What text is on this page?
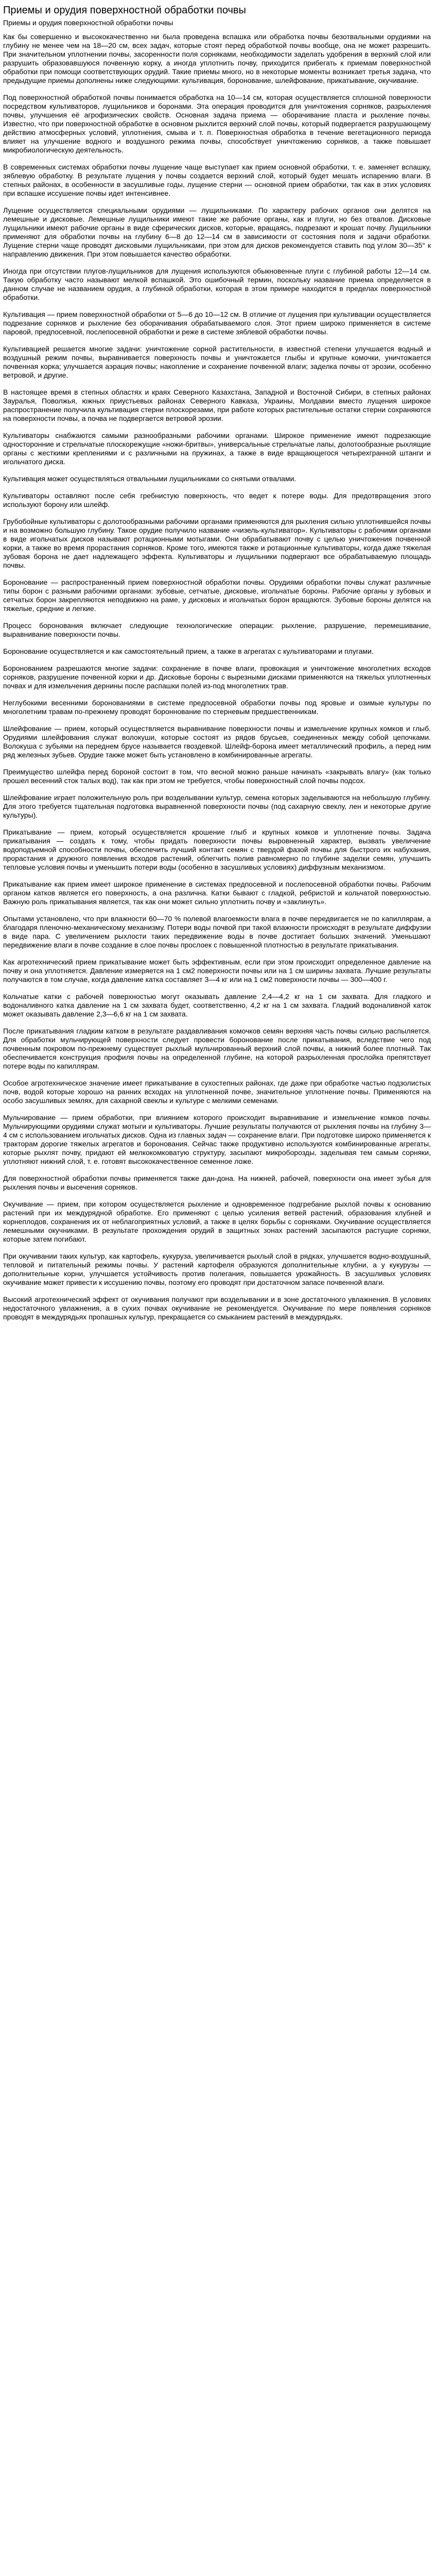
Приемы и орудия поверхностной обработки почвы
Приемы и орудия поверхностной обработки почвы

Как бы совершенно и высококачественно ни была проведена вспашка или обработка почвы безотвальными орудиями на глубину не менее чем на 18—20 см, всех задач, которые стоят перед обработкой почвы вообще, она не может разрешить. При значительном уплотнении почвы, засоренности поля сорняками, необходимости заделать удобрения в верхний слой или разрушить образовавшуюся почвенную корку, а иногда уплотнить почву, приходится прибегать к приемам поверхностной обработки при помощи соответствующих орудий. Такие приемы много, но в некоторые моменты возникает третья задача, что предыдущие приемы дополнены ниже следующими: культивация, боронование, шлейфование, прикатывание, окучивание.

Под поверхностной обработкой почвы понимается обработка на 10—14 см, которая осуществляется сплошной поверхности посредством культиваторов, лущильников и боронами. Эта операция проводится для уничтожения сорняков, разрыхления почвы, улучшения её агрофизических свойств. Основная задача приема — оборачивание пласта и рыхление почвы. Известно, что при поверхностной обработке в основном рыхлится верхний слой почвы, который подвергается разрушающему действию атмосферных условий, уплотнения, смыва и т. п. Поверхностная обработка в течение вегетационного периода влияет на улучшение водного и воздушного режима почвы, способствует уничтожению сорняков, а также повышает микробиологическую деятельность.

В современных системах обработки почвы лущение чаще выступает как прием основной обработки, т. е. заменяет вспашку, зяблевую обработку. В результате лущения у почвы создается верхний слой, который будет мешать испарению влаги. В степных районах, в особенности в засушливые годы, лущение стерни — основной прием обработки, так как в этих условиях при вспашке иссушение почвы идет интенсивнее.

Лущение осуществляется специальными орудиями — лущильниками. По характеру рабочих органов они делятся на лемешные и дисковые. Лемешные лущильники имеют такие же рабочие органы, как и плуги, но без отвалов. Дисковые лущильники имеют рабочие органы в виде сферических дисков, которые, вращаясь, подрезают и крошат почву. Лущильники применяют для обработки почвы на глубину 6—8 до 12—14 см в зависимости от состояния поля и задачи обработки. Лущение стерни чаще проводят дисковыми лущильниками, при этом для дисков рекомендуется ставить под углом 30—35° к направлению движения. При этом повышается качество обработки.

Иногда при отсутствии плугов-лущильников для лущения используются обыкновенные плуги с глубиной работы 12—14 см. Такую обработку часто называют мелкой вспашкой. Это ошибочный термин, поскольку название приема определяется в данном случае не названием орудия, а глубиной обработки, которая в этом примере находится в пределах поверхностной обработки.

Культивация — прием поверхностной обработки от 5—6 до 10—12 см. В отличие от лущения при культивации осуществляется подрезание сорняков и рыхление без оборачивания обрабатываемого слоя. Этот прием широко применяется в системе паровой, предпосевной, послепосевной обработки и реже в системе зяблевой обработки почвы.

Культивацией решается многие задачи: уничтожение сорной растительности, в известной степени улучшается водный и воздушный режим почвы, выравнивается поверхность почвы и уничтожается глыбы и крупные комочки, уничтожается почвенная корка; улучшается аэрация почвы; накопление и сохранение почвенной влаги; заделка почвы от эрозии, особенно ветровой, и другие.

В настоящее время в степных областях и краях Северного Казахстана, Западной и Восточной Сибири, в степных районах Зауралья, Поволжья, южных приустьевых районах Северного Кавказа, Украины, Молдавии вместо лущения широкое распространение получила культивация стерни плоскорезами, при работе которых растительные остатки стерни сохраняются на поверхности почвы, а почва не подвергается ветровой эрозии.

Культиваторы снабжаются самыми разнообразными рабочими органами. Широкое применение имеют подрезающие односторонние и стрельчатые плоскорежущие «ножи-бритвы», универсальные стрельчатые лапы, долотообразные рыхлящие органы с жесткими креплениями и с различными на пружинах, а также в виде вращающегося четырехгранной штанги и игольчатого диска.

Культивация может осуществляться отвальными лущильниками со снятыми отвалами.

Культиваторы оставляют после себя гребнистую поверхность, что ведет к потере воды. Для предотвращения этого используют борону или шлейф.

Грубобойные культиваторы с долотообразными рабочими органами применяются для рыхления сильно уплотнившейся почвы и на возможно большую глубину. Такое орудие получило название «чизель-культиватор». Культиваторы с рабочими органами в виде игольчатых дисков называют ротационными мотыгами. Они обрабатывают почву с целью уничтожения почвенной корки, а также во время прорастания сорняков. Кроме того, имеются также и ротационные культиваторы, когда даже тяжелая зубовая борона не дает надлежащего эффекта. Культиваторы и лущильники подвергают все обрабатываемую площадь почвы.

Боронование — распространенный прием поверхностной обработки почвы. Орудиями обработки почвы служат различные типы борон с разными рабочими органами: зубовые, сетчатые, дисковые, игольчатые бороны. Рабочие органы у зубовых и сетчатых борон закрепляются неподвижно на раме, у дисковых и игольчатых борон вращаются. Зубовые бороны делятся на тяжелые, средние и легкие.

Процесс боронования включает следующие технологические операции: рыхление, разрушение, перемешивание, выравнивание поверхности почвы.

Боронование осуществляется и как самостоятельный прием, а также в агрегатах с культиваторами и плугами.

Боронованием разрешаются многие задачи: сохранение в почве влаги, провокация и уничтожение многолетних всходов сорняков, разрушение почвенной корки и др. Дисковые бороны с вырезными дисками применяются на тяжелых уплотненных почвах и для измельчения дернины после распашки полей из-под многолетних трав.

Неглубокими весенними боронованиями в системе предпосевной обработки почвы под яровые и озимые культуры по многолетним травам по-прежнему проводят бороннование по стерневым предшественникам.

Шлейфование — прием, который осуществляется выравнивание поверхности почвы и измельчение крупных комков и глыб. Орудиями шлейфования служат волокуши, которые состоят из рядов брусьев, соединенных между собой цепочками. Волокуша с зубьями на переднем брусе называется гвоздевкой. Шлейф-борона имеет металлический профиль, а перед ним ряд железных зубьев. Орудие также может быть установлено в комбинированные агрегаты.

Преимущество шлейфа перед бороной состоит в том, что весной можно раньше начинать «закрывать влагу» (как только прошел весенний сток талых вод), так как при этом не требуется, чтобы поверхностный слой почвы подсох.

Шлейфование играет положительную роль при возделывании культур, семена которых заделываются на небольшую глубину. Для этого требуется тщательная подготовка выравненной поверхности почвы (под сахарную свеклу, лен и некоторые другие культуры).

Прикатывание — прием, который осуществляется крошение глыб и крупных комков и уплотнение почвы. Задача прикатывания — создать к тому, чтобы придать поверхности почвы выровненный характер, вызвать увеличение водоподъемной способности почвы, обеспечить лучший контакт семян с твердой фазой почвы для быстрого их набухания, прорастания и дружного появления всходов растений, облегчить полив равномерно по глубине заделки семян, улучшить тепловые условия почвы и уменьшить потери воды (особенно в засушливых условиях) диффузным механизмом.

Прикатывание как прием имеет широкое применение в системах предпосевной и послепосевной обработки почвы. Рабочим органом катков является его поверхность, а она различна. Катки бывают с гладкой, ребристой и кольчатой поверхностью. Важную роль прикатывания является, так как они может сильно уплотнить почву и «заклинуть».

Опытами установлено, что при влажности 60—70 % полевой влагоемкости влага в почве передвигается не по капиллярам, а благодаря пленочно-механическому механизму. Потери воды почвой при такой влажности происходят в результате диффузии в виде пара. С увеличением рыхлости таких передвижение воды в почве достигает больших значений. Уменьшают передвижение влаги в почве создание в слое почвы прослоек с повышенной плотностью в результате прикатывания.

Как агротехнический прием прикатывание может быть эффективным, если при этом происходит определенное давление на почву и она уплотняется. Давление измеряется на 1 см2 поверхности почвы или на 1 см ширины захвата. Лучшие результаты получаются в том случае, когда давление катка составляет 3—4 кг или на 1 см2 поверхности почвы — 300—400 г.

Кольчатые катки с рабочей поверхностью могут оказывать давление 2,4—4,2 кг на 1 см захвата. Для гладкого и водоналивного катка давление на 1 см захвата будет, соответственно, 4,2 кг на 1 см захвата. Гладкий водоналивной каток может оказывать давление 2,3—6,6 кг на 1 см захвата.

После прикатывания гладким катком в результате раздавливания комочков семян верхняя часть почвы сильно распыляется. Для обработки мульчирующей поверхности следует провести боронование после прикатывания, вследствие чего под почвенным покровом по-прежнему существует рыхлый мульчированный верхний слой почвы, а нижний более плотный. Так обеспечивается конструкция профиля почвы на определенной глубине, на которой разрыхленная прослойка препятствует потере воды по капиллярам.

Особое агротехническое значение имеет прикатывание в сухостепных районах, где даже при обработке частью подзолистых почв, водой которые хорошо на ранних всходах на уплотненной почве, значительное уплотнение почвы. Применяются на особо засушливых землях, для сахарной свеклы и культуре с мелкими семенами.

Мульчирование — прием обработки, при влиянием которого происходит выравнивание и измельчение комков почвы. Мульчирующими орудиями служат мотыги и культиваторы. Лучшие результаты получаются от рыхления почвы на глубину 3—4 см с использованием игольчатых дисков. Одна из главных задач — сохранение влаги. При подготовке широко применяется к тракторам дорогие тяжелых агрегатов и боронования. Сейчас также продуктивно используются комбинированные агрегаты, которые рыхлят почву, придают ей мелкокомковатую структуру, засыпают микроборозды, заделывая тем самым сорняки, уплотняют нижний слой, т. е. готовят высококачественное семенное ложе.

Для поверхностной обработки почвы применяется также дан-дона. На нижней, рабочей, поверхности она имеет зубья для рыхления почвы и высечения сорняков.

Окучивание — прием, при котором осуществляется рыхление и одновременное подгребание рыхлой почвы к основанию растений при их междурядной обработке. Его применяют с целью усиления ветвей растений, образования клубней и корнеплодов, сохранения их от неблагоприятных условий, а также в целях борьбы с сорняками. Окучивание осуществляется лемешными окучниками. В результате прохождения орудий в защитных зонах растений засыпаются растущие сорняки, которые затем погибают.

При окучивании таких культур, как картофель, кукуруза, увеличивается рыхлый слой в рядках, улучшается водно-воздушный, тепловой и питательный режимы почвы. У растений картофеля образуются дополнительные клубни, а у кукурузы — дополнительные корни, улучшается устойчивость против полегания, повышается урожайность. В засушливых условиях окучивание может привести к иссушению почвы, поэтому его проводят при достаточном запасе почвенной влаги.

Высокий агротехнический эффект от окучивания получают при возделывании и в зоне достаточного увлажнения. В условиях недостаточного увлажнения, а в сухих почвах окучивание не рекомендуется. Окучивание по мере появления сорняков проводят в междурядьях пропашных культур, прекращается со смыканием растений в междурядьях.
